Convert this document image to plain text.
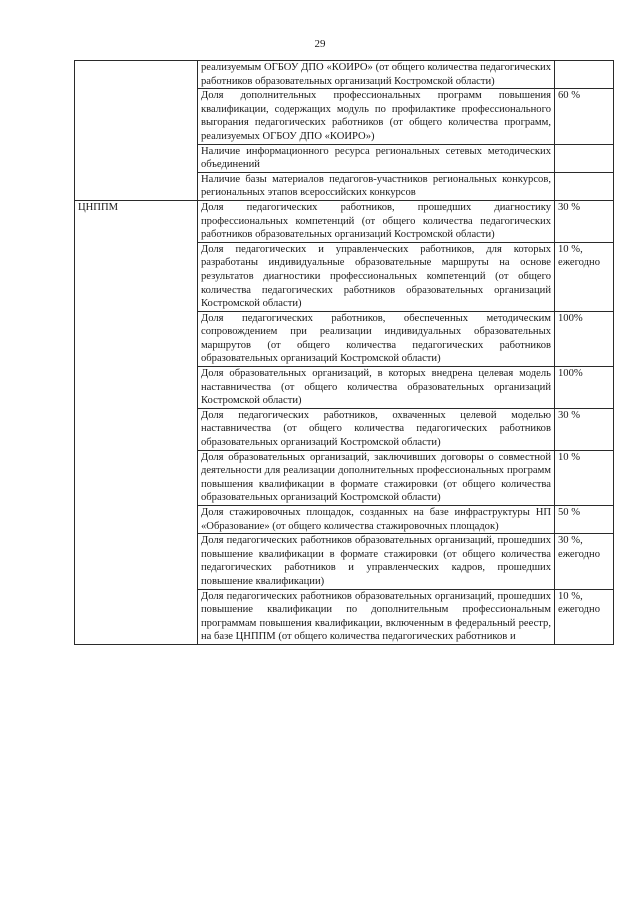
29
	реализуемым ОГБОУ ДПО «КОИРО» (от общего количества педагогических работников образовательных организаций Костромской области)	
	Доля дополнительных профессиональных программ повышения квалификации, содержащих модуль по профилактике профессионального выгорания педагогических работников (от общего количества программ, реализуемых ОГБОУ ДПО «КОИРО»)	60 %
	Наличие информационного ресурса региональных сетевых методических объединений	
	Наличие базы материалов педагогов-участников региональных конкурсов, региональных этапов всероссийских конкурсов	
ЦНППМ	Доля педагогических работников, прошедших диагностику профессиональных компетенций (от общего количества педагогических работников образовательных организаций Костромской области)	30 %
	Доля педагогических и управленческих работников, для которых разработаны индивидуальные образовательные маршруты на основе результатов диагностики профессиональных компетенций (от общего количества педагогических работников образовательных организаций Костромской области)	10 %, ежегодно
	Доля педагогических работников, обеспеченных методическим сопровождением при реализации индивидуальных образовательных маршрутов (от общего количества педагогических работников образовательных организаций Костромской области)	100%
	Доля образовательных организаций, в которых внедрена целевая модель наставничества (от общего количества образовательных организаций Костромской области)	100%
	Доля педагогических работников, охваченных целевой моделью наставничества (от общего количества педагогических работников образовательных организаций Костромской области)	30 %
	Доля образовательных организаций, заключивших договоры о совместной деятельности для реализации дополнительных профессиональных программ повышения квалификации в формате стажировки (от общего количества образовательных организаций Костромской области)	10 %
	Доля стажировочных площадок, созданных на базе инфраструктуры НП «Образование» (от общего количества стажировочных площадок)	50 %
	Доля педагогических работников образовательных организаций, прошедших повышение квалификации в формате стажировки (от общего количества педагогических работников и управленческих кадров, прошедших повышение квалификации)	30 %, ежегодно
	Доля педагогических работников образовательных организаций, прошедших повышение квалификации по дополнительным профессиональным программам повышения квалификации, включенным в федеральный реестр, на базе ЦНППМ (от общего количества педагогических работников и	10 %, ежегодно
